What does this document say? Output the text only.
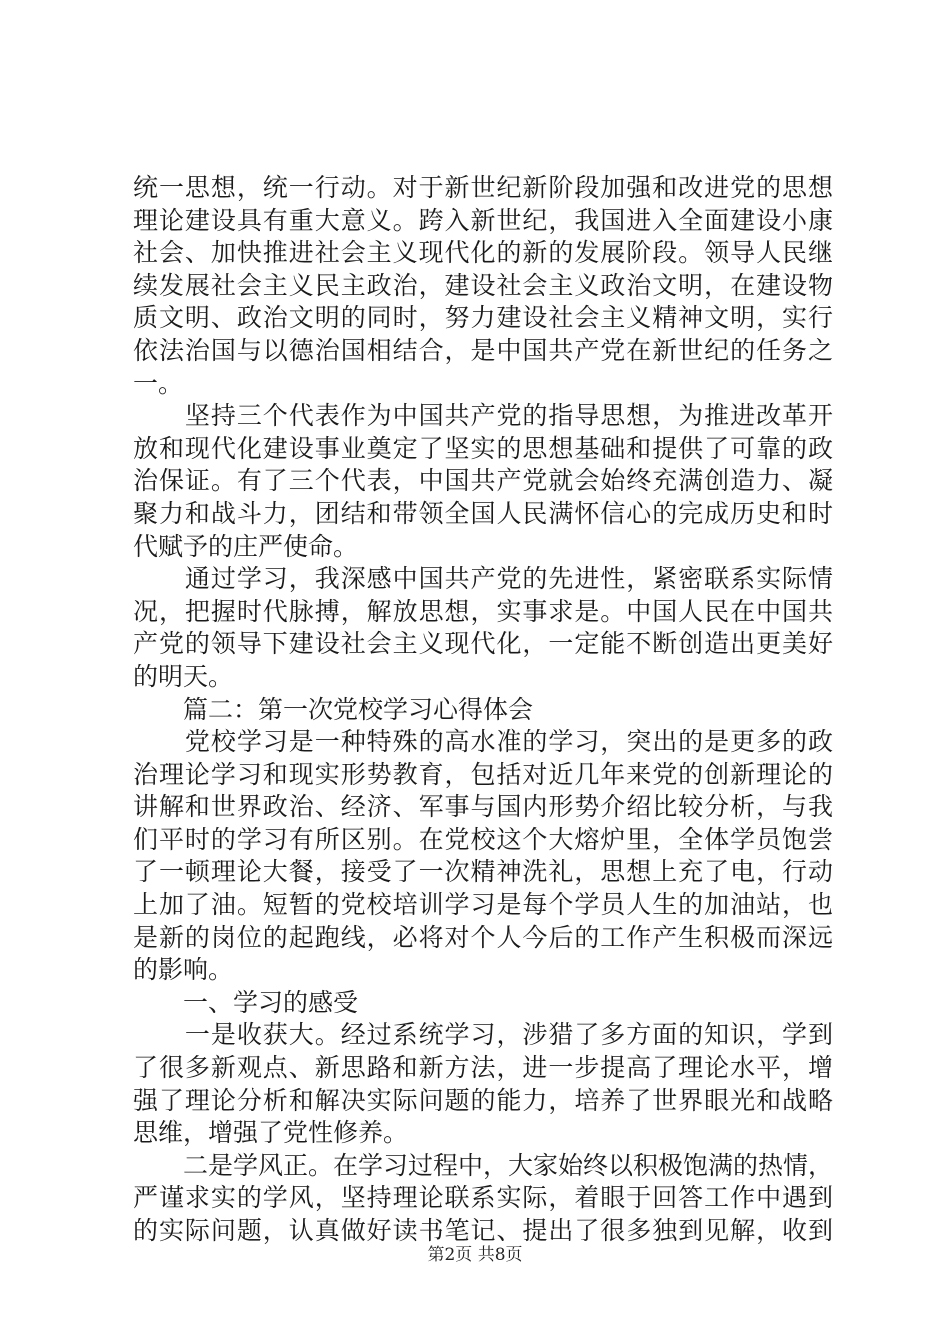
统一思想，统一行动。对于新世纪新阶段加强和改进党的思想
理论建设具有重大意义。跨入新世纪，我国进入全面建设小康
社会、加快推进社会主义现代化的新的发展阶段。领导人民继
续发展社会主义民主政治，建设社会主义政治文明，在建设物
质文明、政治文明的同时，努力建设社会主义精神文明，实行
依法治国与以德治国相结合，是中国共产党在新世纪的任务之
一。
　　坚持三个代表作为中国共产党的指导思想，为推进改革开
放和现代化建设事业奠定了坚实的思想基础和提供了可靠的政
治保证。有了三个代表，中国共产党就会始终充满创造力、凝
聚力和战斗力，团结和带领全国人民满怀信心的完成历史和时
代赋予的庄严使命。
　　通过学习，我深感中国共产党的先进性，紧密联系实际情
况，把握时代脉搏，解放思想，实事求是。中国人民在中国共
产党的领导下建设社会主义现代化，一定能不断创造出更美好
的明天。
　　篇二：第一次党校学习心得体会
　　党校学习是一种特殊的高水准的学习，突出的是更多的政
治理论学习和现实形势教育，包括对近几年来党的创新理论的
讲解和世界政治、经济、军事与国内形势介绍比较分析，与我
们平时的学习有所区别。在党校这个大熔炉里，全体学员饱尝
了一顿理论大餐，接受了一次精神洗礼，思想上充了电，行动
上加了油。短暂的党校培训学习是每个学员人生的加油站，也
是新的岗位的起跑线，必将对个人今后的工作产生积极而深远
的影响。
　　一、学习的感受
　　一是收获大。经过系统学习，涉猎了多方面的知识，学到
了很多新观点、新思路和新方法，进一步提高了理论水平，增
强了理论分析和解决实际问题的能力，培养了世界眼光和战略
思维，增强了党性修养。
　　二是学风正。在学习过程中，大家始终以积极饱满的热情，
严谨求实的学风，坚持理论联系实际，着眼于回答工作中遇到
的实际问题，认真做好读书笔记、提出了很多独到见解，收到
第2页 共8页
